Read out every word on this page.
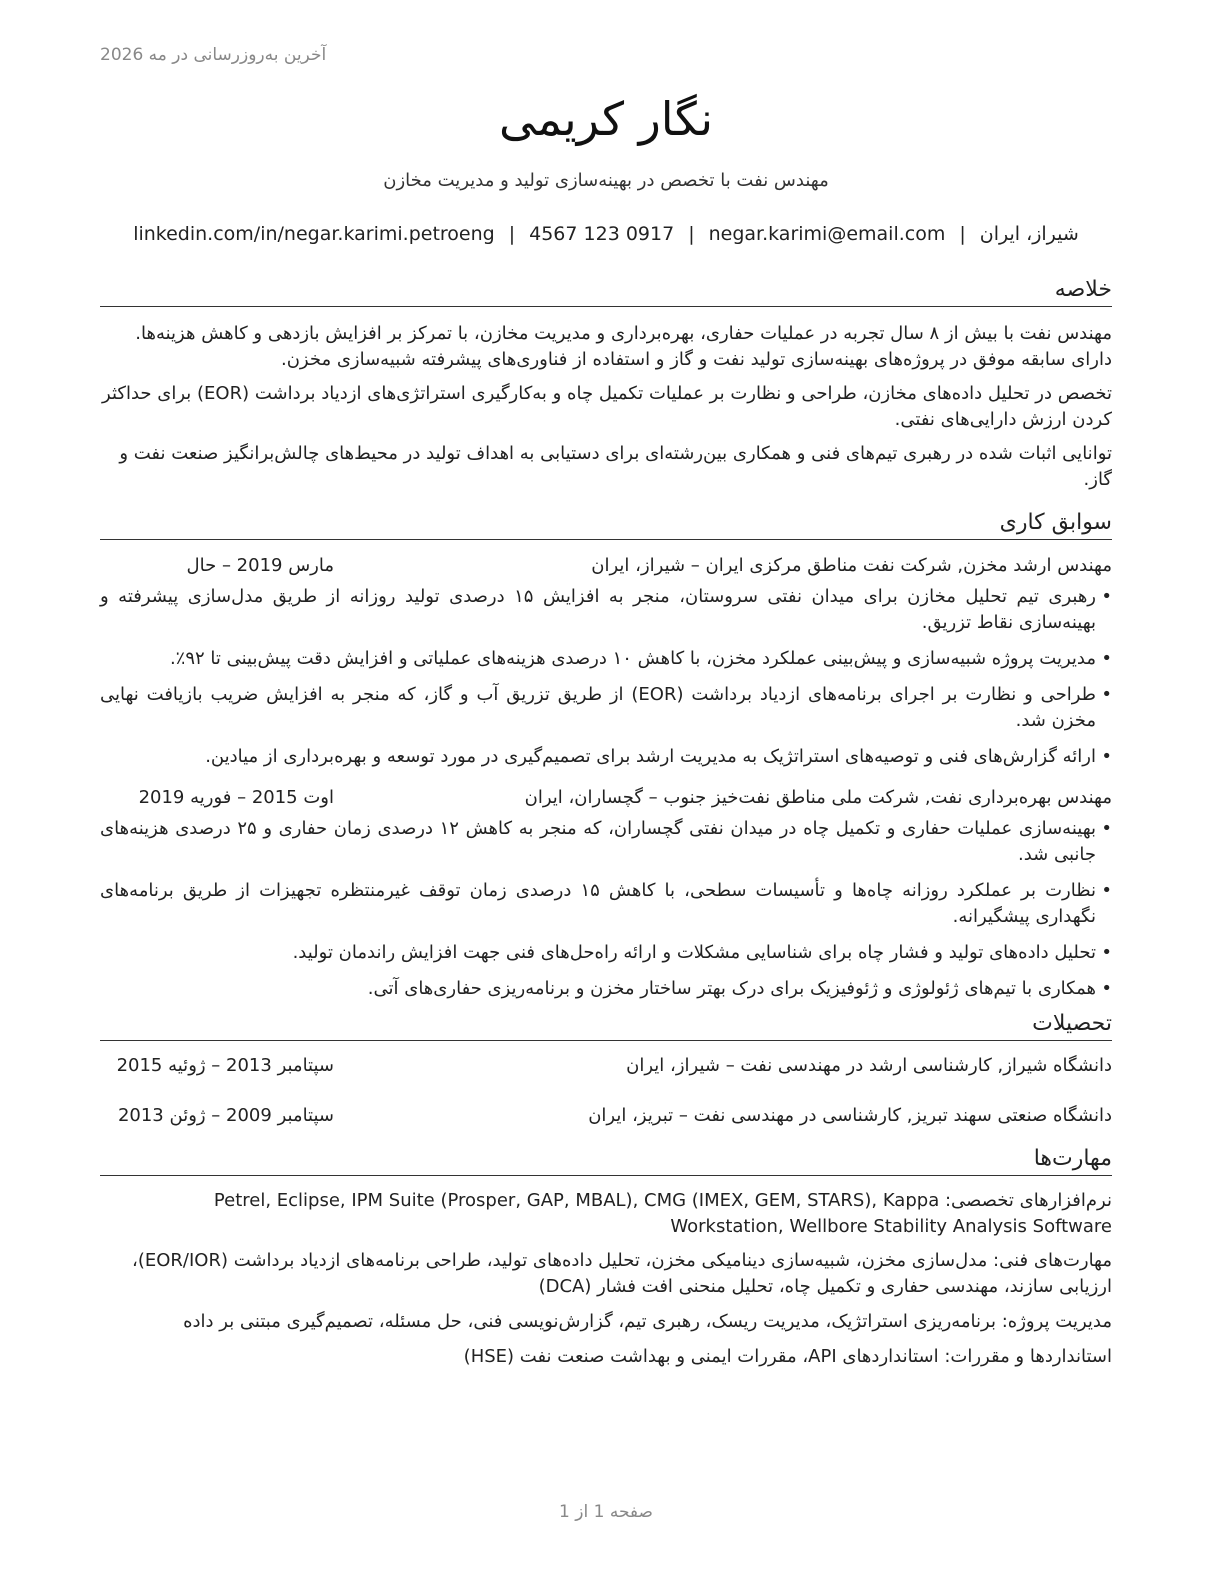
آخرین به‌روزرسانی در مه 2026
نگار کریمی
مهندس نفت با تخصص در بهینه‌سازی تولید و مدیریت مخازن
شیراز، ایران|negar.karimi@email.com|4567 123 0917|linkedin.com/in/negar.karimi.petroeng
خلاصه
مهندس نفت با بیش از ۸ سال تجربه در عملیات حفاری، بهره‌برداری و مدیریت مخازن، با تمرکز بر افزایش بازدهی و کاهش هزینه‌ها. دارای سابقه موفق در پروژه‌های بهینه‌سازی تولید نفت و گاز و استفاده از فناوری‌های پیشرفته شبیه‌سازی مخزن.
تخصص در تحلیل داده‌های مخازن، طراحی و نظارت بر عملیات تکمیل چاه و به‌کارگیری استراتژی‌های ازدیاد برداشت (EOR) برای حداکثر کردن ارزش دارایی‌های نفتی.
توانایی اثبات شده در رهبری تیم‌های فنی و همکاری بین‌رشته‌ای برای دستیابی به اهداف تولید در محیط‌های چالش‌برانگیز صنعت نفت و گاز.
سوابق کاری
مهندس ارشد مخزن, شرکت نفت مناطق مرکزی ایران – شیراز، ایران
مارس 2019 – حال
• رهبری تیم تحلیل مخازن برای میدان نفتی سروستان، منجر به افزایش ۱۵ درصدی تولید روزانه از طریق مدل‌سازی پیشرفته و بهینه‌سازی نقاط تزریق.
• مدیریت پروژه شبیه‌سازی و پیش‌بینی عملکرد مخزن، با کاهش ۱۰ درصدی هزینه‌های عملیاتی و افزایش دقت پیش‌بینی تا ۹۲٪.
• طراحی و نظارت بر اجرای برنامه‌های ازدیاد برداشت (EOR) از طریق تزریق آب و گاز، که منجر به افزایش ضریب بازیافت نهایی مخزن شد.
• ارائه گزارش‌های فنی و توصیه‌های استراتژیک به مدیریت ارشد برای تصمیم‌گیری در مورد توسعه و بهره‌برداری از میادین.
مهندس بهره‌برداری نفت, شرکت ملی مناطق نفت‌خیز جنوب – گچساران، ایران
اوت 2015 – فوریه 2019
• بهینه‌سازی عملیات حفاری و تکمیل چاه در میدان نفتی گچساران، که منجر به کاهش ۱۲ درصدی زمان حفاری و ۲۵ درصدی هزینه‌های جانبی شد.
• نظارت بر عملکرد روزانه چاه‌ها و تأسیسات سطحی، با کاهش ۱۵ درصدی زمان توقف غیرمنتظره تجهیزات از طریق برنامه‌های نگهداری پیشگیرانه.
• تحلیل داده‌های تولید و فشار چاه برای شناسایی مشکلات و ارائه راه‌حل‌های فنی جهت افزایش راندمان تولید.
• همکاری با تیم‌های ژئولوژی و ژئوفیزیک برای درک بهتر ساختار مخزن و برنامه‌ریزی حفاری‌های آتی.
تحصیلات
دانشگاه شیراز, کارشناسی ارشد در مهندسی نفت – شیراز، ایران
سپتامبر 2013 – ژوئیه 2015
دانشگاه صنعتی سهند تبریز, کارشناسی در مهندسی نفت – تبریز، ایران
سپتامبر 2009 – ژوئن 2013
مهارت‌ها
نرم‌افزارهای تخصصی: Petrel, Eclipse, IPM Suite (Prosper, GAP, MBAL), CMG (IMEX, GEM, STARS), Kappa Workstation, Wellbore Stability Analysis Software
مهارت‌های فنی: مدل‌سازی مخزن، شبیه‌سازی دینامیکی مخزن، تحلیل داده‌های تولید، طراحی برنامه‌های ازدیاد برداشت (EOR/IOR)، ارزیابی سازند، مهندسی حفاری و تکمیل چاه، تحلیل منحنی افت فشار (DCA)
مدیریت پروژه: برنامه‌ریزی استراتژیک، مدیریت ریسک، رهبری تیم، گزارش‌نویسی فنی، حل مسئله، تصمیم‌گیری مبتنی بر داده
استانداردها و مقررات: استانداردهای API، مقررات ایمنی و بهداشت صنعت نفت (HSE)
صفحه 1 از 1
